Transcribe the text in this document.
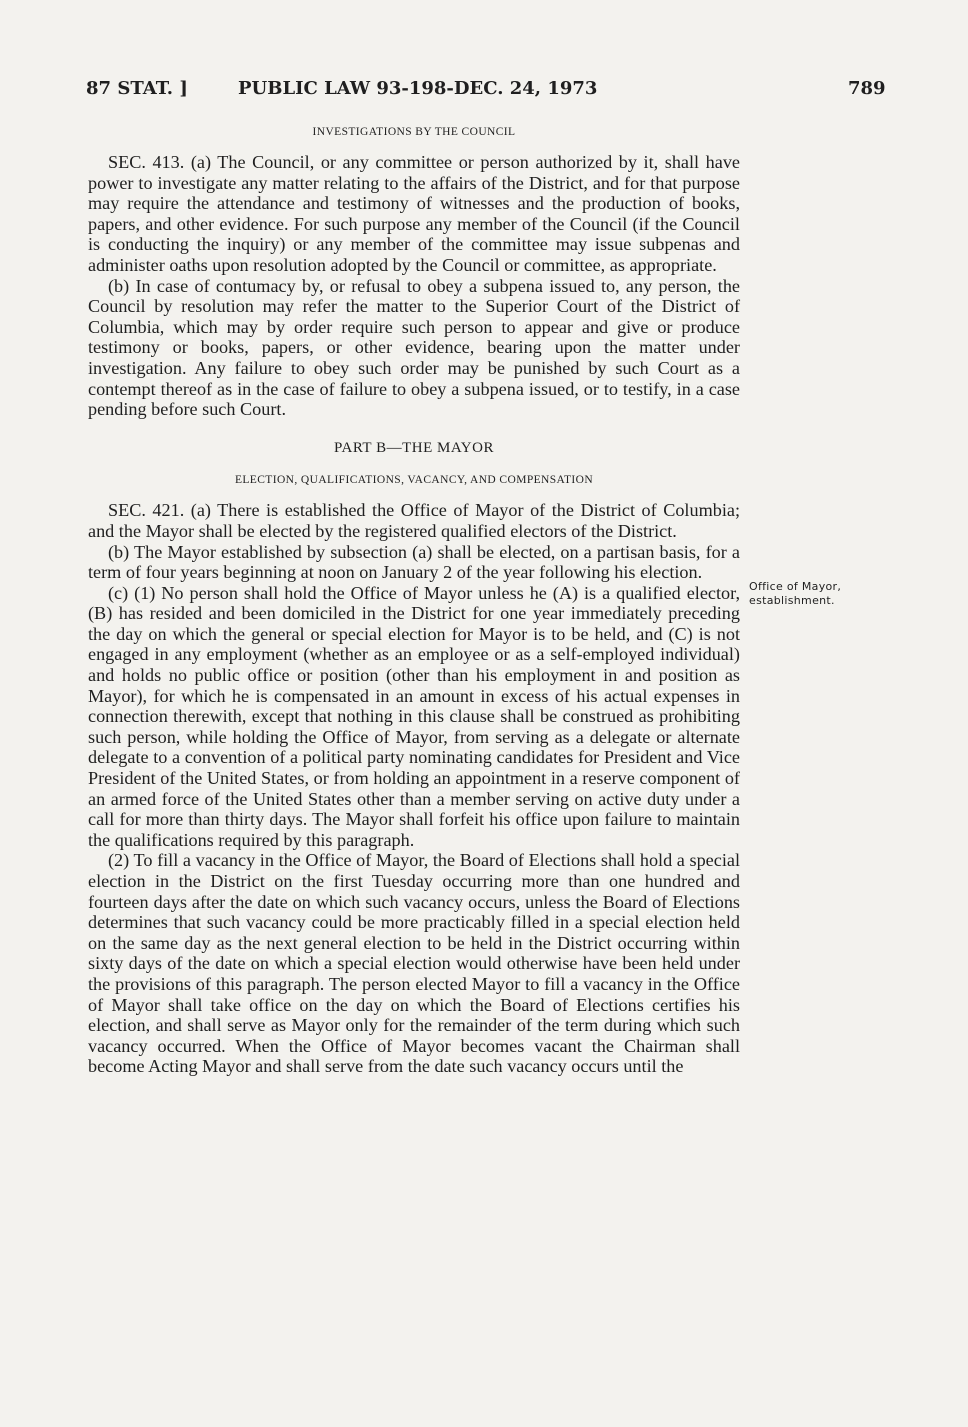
87 STAT. ]	PUBLIC LAW 93-198-DEC. 24, 1973	789
INVESTIGATIONS BY THE COUNCIL

SEC. 413. (a) The Council, or any committee or person authorized by it, shall have power to investigate any matter relating to the affairs of the District, and for that purpose may require the attendance and testimony of witnesses and the production of books, papers, and other evidence. For such purpose any member of the Council (if the Council is conducting the inquiry) or any member of the committee may issue subpenas and administer oaths upon resolution adopted by the Council or committee, as appropriate.

(b) In case of contumacy by, or refusal to obey a subpena issued to, any person, the Council by resolution may refer the matter to the Superior Court of the District of Columbia, which may by order require such person to appear and give or produce testimony or books, papers, or other evidence, bearing upon the matter under investigation. Any failure to obey such order may be punished by such Court as a contempt thereof as in the case of failure to obey a subpena issued, or to testify, in a case pending before such Court.

PART B—THE MAYOR
ELECTION, QUALIFICATIONS, VACANCY, AND COMPENSATION

SEC. 421. (a) There is established the Office of Mayor of the District of Columbia; and the Mayor shall be elected by the registered qualified electors of the District.

(b) The Mayor established by subsection (a) shall be elected, on a partisan basis, for a term of four years beginning at noon on January 2 of the year following his election.

(c) (1) No person shall hold the Office of Mayor unless he (A) is a qualified elector, (B) has resided and been domiciled in the District for one year immediately preceding the day on which the general or special election for Mayor is to be held, and (C) is not engaged in any employment (whether as an employee or as a self-employed individual) and holds no public office or position (other than his employment in and position as Mayor), for which he is compensated in an amount in excess of his actual expenses in connection therewith, except that nothing in this clause shall be construed as prohibiting such person, while holding the Office of Mayor, from serving as a delegate or alternate delegate to a convention of a political party nominating candidates for President and Vice President of the United States, or from holding an appointment in a reserve component of an armed force of the United States other than a member serving on active duty under a call for more than thirty days. The Mayor shall forfeit his office upon failure to maintain the qualifications required by this paragraph.

(2) To fill a vacancy in the Office of Mayor, the Board of Elections shall hold a special election in the District on the first Tuesday occurring more than one hundred and fourteen days after the date on which such vacancy occurs, unless the Board of Elections determines that such vacancy could be more practicably filled in a special election held on the same day as the next general election to be held in the District occurring within sixty days of the date on which a special election would otherwise have been held under the provisions of this paragraph. The person elected Mayor to fill a vacancy in the Office of Mayor shall take office on the day on which the Board of Elections certifies his election, and shall serve as Mayor only for the remainder of the term during which such vacancy occurred. When the Office of Mayor becomes vacant the Chairman shall become Acting Mayor and shall serve from the date such vacancy occurs until the

Office of Mayor, establishment.
